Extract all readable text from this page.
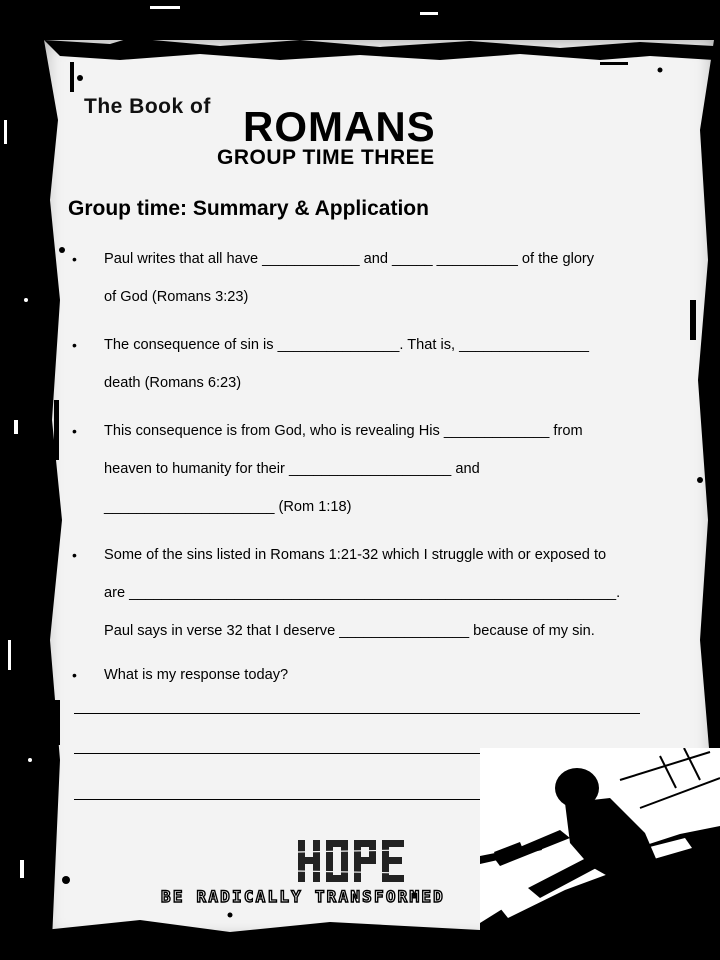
The Book of ROMANS
GROUP TIME THREE
Group time: Summary & Application
• Paul writes that all have ____________ and _____ __________ of the glory
of God (Romans 3:23)
• The consequence of sin is _______________. That is, ________________
death (Romans 6:23)
• This consequence is from God, who is revealing His _____________ from
heaven to humanity for their ____________________ and
_____________________ (Rom 1:18)
• Some of the sins listed in Romans 1:21-32 which I struggle with or exposed to
are ____________________________________________________________.
Paul says in verse 32 that I deserve ________________ because of my sin.
• What is my response today?
BE RADICALLY TRANSFORMED
